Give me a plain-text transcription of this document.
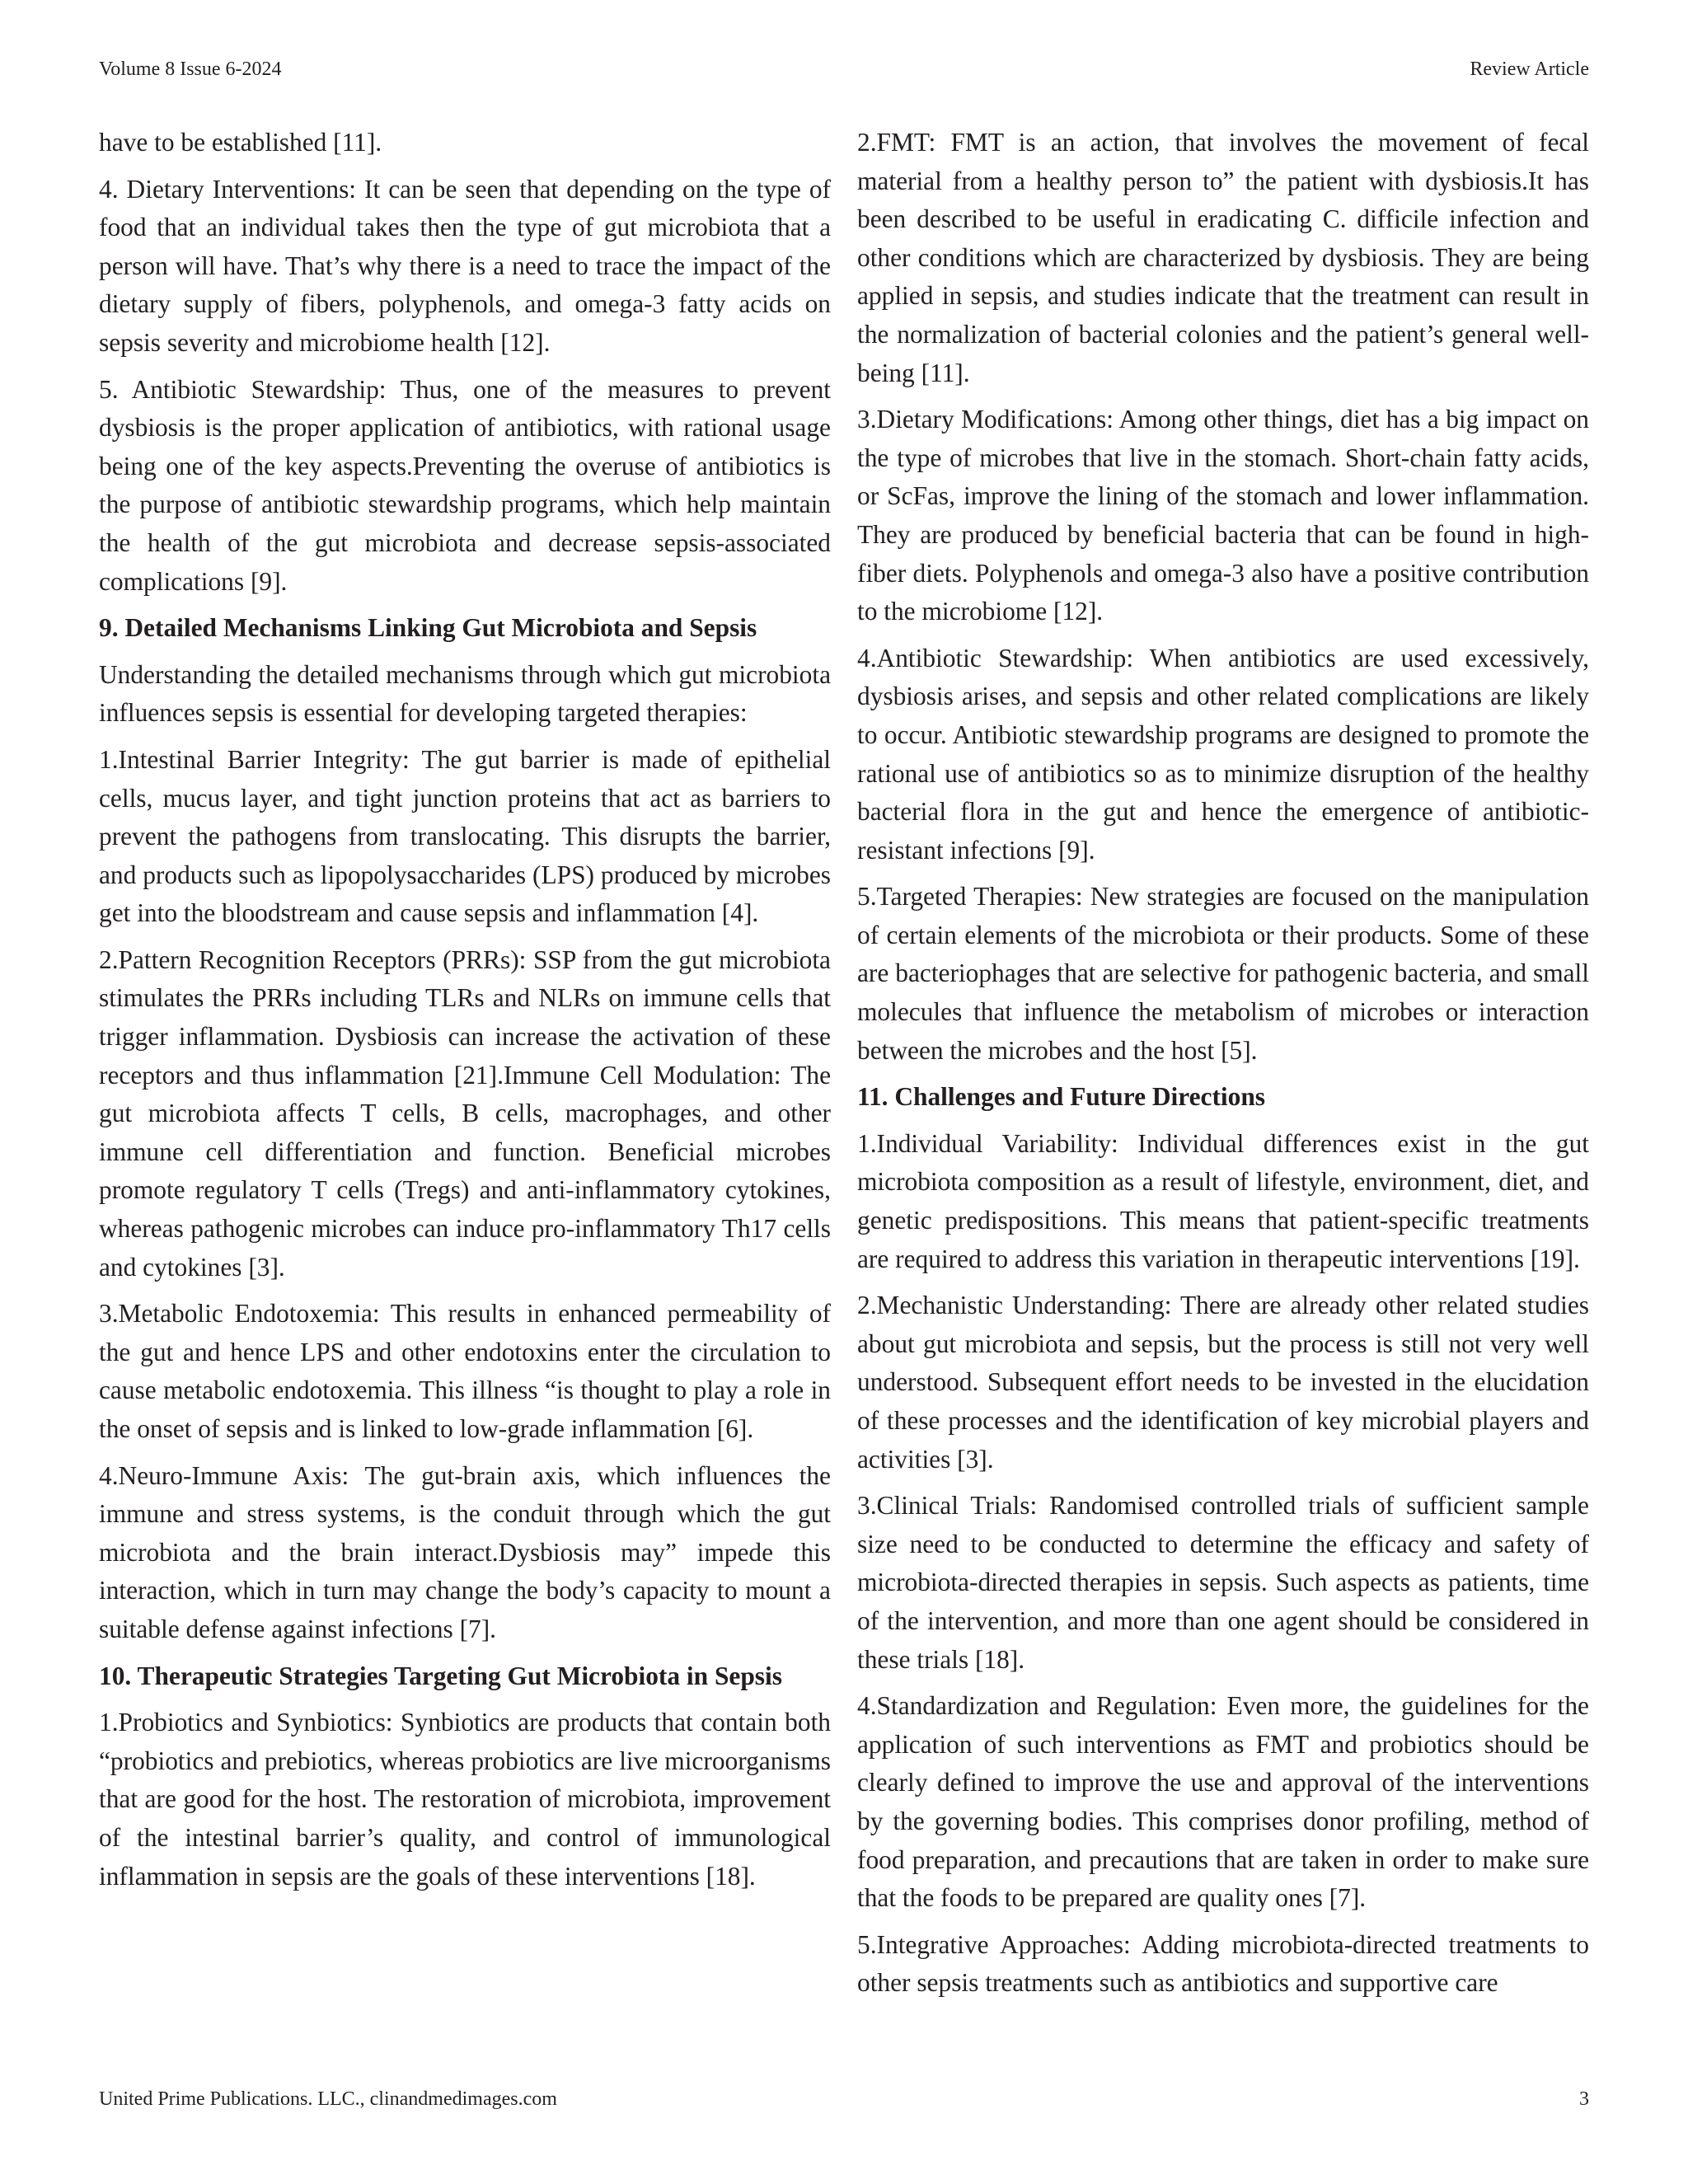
Volume 8 Issue 6-2024	Review Article

have to be established [11].

4. Dietary Interventions: It can be seen that depending on the type of food that an individual takes then the type of gut microbiota that a person will have. That’s why there is a need to trace the impact of the dietary supply of fibers, polyphenols, and omega-3 fatty acids on sepsis severity and microbiome health [12].

5. Antibiotic Stewardship: Thus, one of the measures to prevent dysbiosis is the proper application of antibiotics, with rational usage being one of the key aspects.Preventing the overuse of antibiotics is the purpose of antibiotic stewardship programs, which help maintain the health of the gut microbiota and decrease sepsis-associated complications [9].

9. Detailed Mechanisms Linking Gut Microbiota and Sepsis

Understanding the detailed mechanisms through which gut microbiota influences sepsis is essential for developing targeted therapies:

1.Intestinal Barrier Integrity: The gut barrier is made of epithelial cells, mucus layer, and tight junction proteins that act as barriers to prevent the pathogens from translocating. This disrupts the barrier, and products such as lipopolysaccharides (LPS) produced by microbes get into the bloodstream and cause sepsis and inflammation [4].

2.Pattern Recognition Receptors (PRRs): SSP from the gut microbiota stimulates the PRRs including TLRs and NLRs on immune cells that trigger inflammation. Dysbiosis can increase the activation of these receptors and thus inflammation [21].Immune Cell Modulation: The gut microbiota affects T cells, B cells, macrophages, and other immune cell differentiation and function. Beneficial microbes promote regulatory T cells (Tregs) and anti-inflammatory cytokines, whereas pathogenic microbes can induce pro-inflammatory Th17 cells and cytokines [3].

3.Metabolic Endotoxemia: This results in enhanced permeability of the gut and hence LPS and other endotoxins enter the circulation to cause metabolic endotoxemia. This illness “is thought to play a role in the onset of sepsis and is linked to low-grade inflammation [6].

4.Neuro-Immune Axis: The gut-brain axis, which influences the immune and stress systems, is the conduit through which the gut microbiota and the brain interact.Dysbiosis may” impede this interaction, which in turn may change the body’s capacity to mount a suitable defense against infections [7].

10. Therapeutic Strategies Targeting Gut Microbiota in Sepsis

1.Probiotics and Synbiotics: Synbiotics are products that contain both “probiotics and prebiotics, whereas probiotics are live microorganisms that are good for the host. The restoration of microbiota, improvement of the intestinal barrier’s quality, and control of immunological inflammation in sepsis are the goals of these interventions [18].

2.FMT: FMT is an action, that involves the movement of fecal material from a healthy person to” the patient with dysbiosis.It has been described to be useful in eradicating C. difficile infection and other conditions which are characterized by dysbiosis. They are being applied in sepsis, and studies indicate that the treatment can result in the normalization of bacterial colonies and the patient’s general well-being [11].

3.Dietary Modifications: Among other things, diet has a big impact on the type of microbes that live in the stomach. Short-chain fatty acids, or ScFas, improve the lining of the stomach and lower inflammation. They are produced by beneficial bacteria that can be found in high-fiber diets. Polyphenols and omega-3 also have a positive contribution to the microbiome [12].

4.Antibiotic Stewardship: When antibiotics are used excessively, dysbiosis arises, and sepsis and other related complications are likely to occur. Antibiotic stewardship programs are designed to promote the rational use of antibiotics so as to minimize disruption of the healthy bacterial flora in the gut and hence the emergence of antibiotic-resistant infections [9].

5.Targeted Therapies: New strategies are focused on the manipulation of certain elements of the microbiota or their products. Some of these are bacteriophages that are selective for pathogenic bacteria, and small molecules that influence the metabolism of microbes or interaction between the microbes and the host [5].

11. Challenges and Future Directions

1.Individual Variability: Individual differences exist in the gut microbiota composition as a result of lifestyle, environment, diet, and genetic predispositions. This means that patient-specific treatments are required to address this variation in therapeutic interventions [19].

2.Mechanistic Understanding: There are already other related studies about gut microbiota and sepsis, but the process is still not very well understood. Subsequent effort needs to be invested in the elucidation of these processes and the identification of key microbial players and activities [3].

3.Clinical Trials: Randomised controlled trials of sufficient sample size need to be conducted to determine the efficacy and safety of microbiota-directed therapies in sepsis. Such aspects as patients, time of the intervention, and more than one agent should be considered in these trials [18].

4.Standardization and Regulation: Even more, the guidelines for the application of such interventions as FMT and probiotics should be clearly defined to improve the use and approval of the interventions by the governing bodies. This comprises donor profiling, method of food preparation, and precautions that are taken in order to make sure that the foods to be prepared are quality ones [7].

5.Integrative Approaches: Adding microbiota-directed treatments to other sepsis treatments such as antibiotics and supportive care

United Prime Publications. LLC., clinandmedimages.com	3
